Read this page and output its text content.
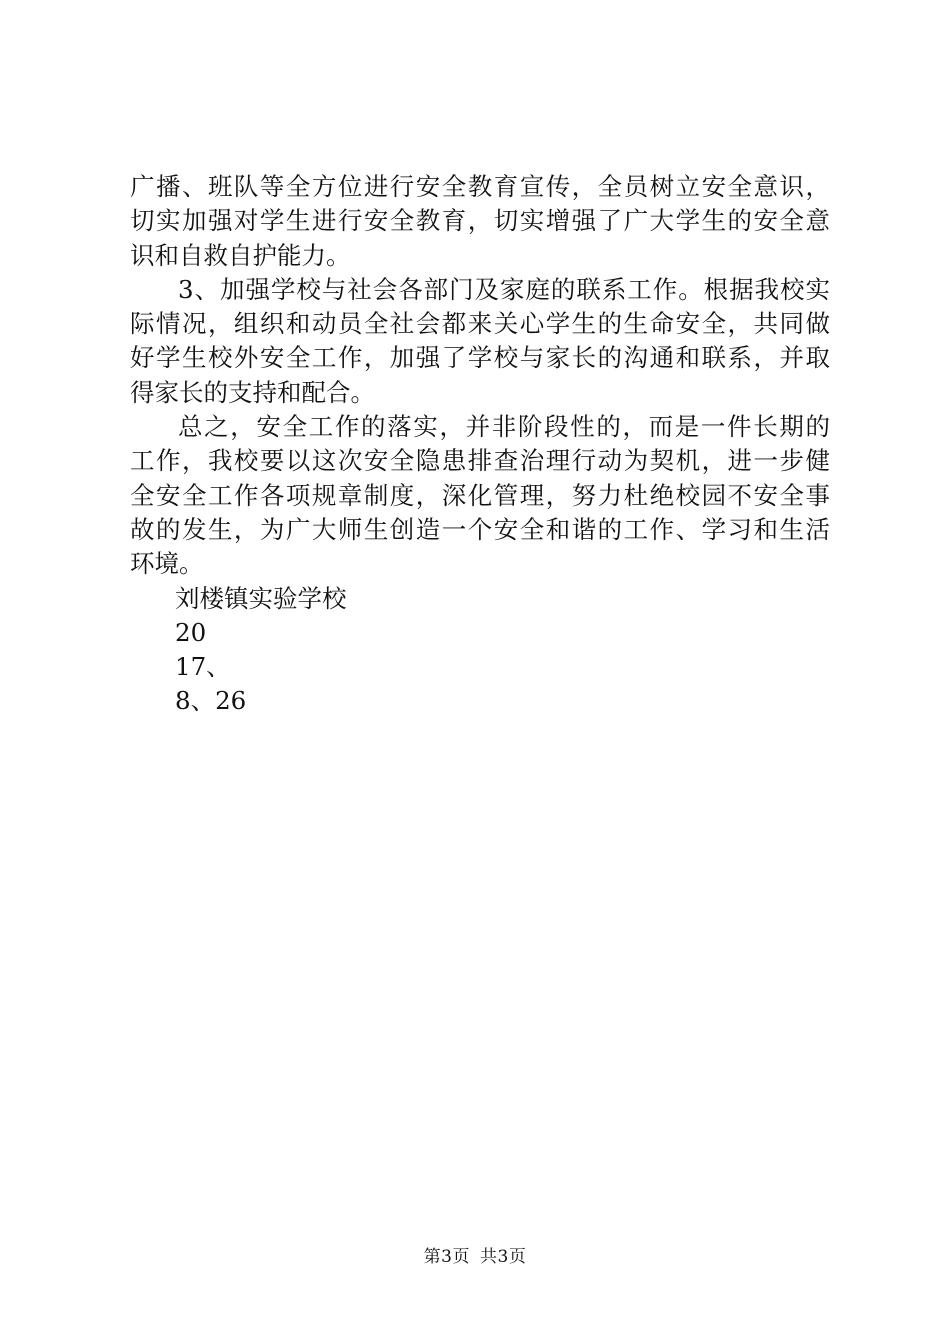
广播、班队等全方位进行安全教育宣传，全员树立安全意识，
切实加强对学生进行安全教育，切实增强了广大学生的安全意
识和自救自护能力。
3、加强学校与社会各部门及家庭的联系工作。根据我校实
际情况，组织和动员全社会都来关心学生的生命安全，共同做
好学生校外安全工作，加强了学校与家长的沟通和联系，并取
得家长的支持和配合。
总之，安全工作的落实，并非阶段性的，而是一件长期的
工作，我校要以这次安全隐患排查治理行动为契机，进一步健
全安全工作各项规章制度，深化管理，努力杜绝校园不安全事
故的发生，为广大师生创造一个安全和谐的工作、学习和生活
环境。
刘楼镇实验学校
20
17、
8、26
第3页 共3页
